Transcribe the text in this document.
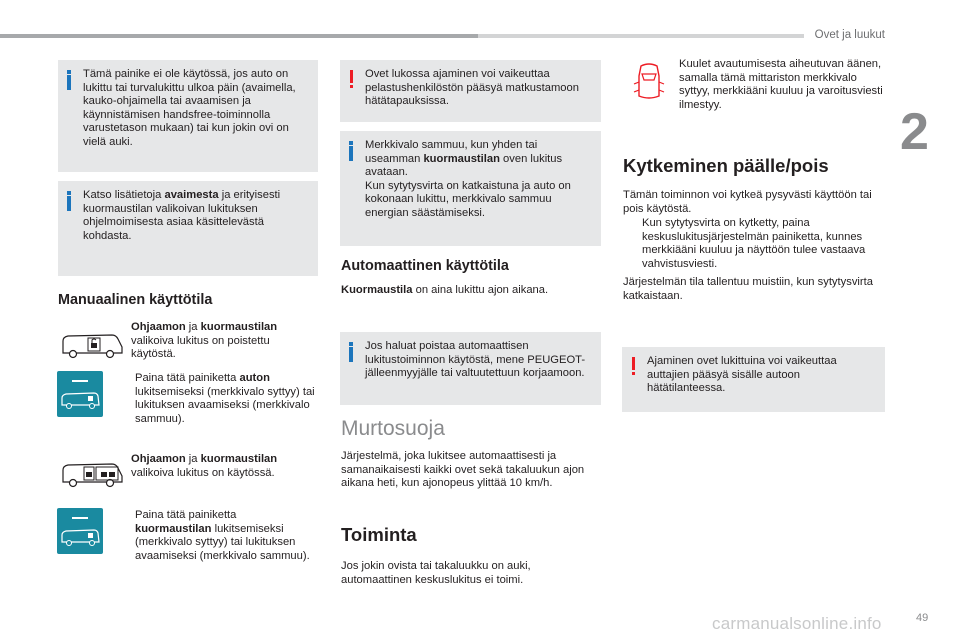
Ovet ja luukut
2
49
carmanualsonline.info

Tämä painike ei ole käytössä, jos auto on lukittu tai turvalukittu ulkoa päin (avaimella, kauko-ohjaimella tai avaamisen ja käynnistämisen handsfree-toiminnolla varustetason mukaan) tai kun jokin ovi on vielä auki.

Katso lisätietoja avaimesta ja erityisesti kuormaustilan valikoivan lukituksen ohjelmoimisesta asiaa käsittelevästä kohdasta.

Manuaalinen käyttötila
Ohjaamon ja kuormaustilan
valikoiva lukitus on poistettu käytöstä.
Paina tätä painiketta auton
lukitsemiseksi (merkkivalo syttyy) tai lukituksen avaamiseksi (merkkivalo sammuu).
Ohjaamon ja kuormaustilan
valikoiva lukitus on käytössä.
Paina tätä painiketta
kuormaustilan lukitsemiseksi
(merkkivalo syttyy) tai lukituksen avaamiseksi (merkkivalo sammuu).

Ovet lukossa ajaminen voi vaikeuttaa pelastushenkilöstön pääsyä matkustamoon hätätapauksissa.

Merkkivalo sammuu, kun yhden tai useamman kuormaustilan oven lukitus avataan.
Kun sytytysvirta on katkaistuna ja auto on kokonaan lukittu, merkkivalo sammuu energian säästämiseksi.

Automaattinen käyttötila
Kuormaustila on aina lukittu ajon aikana.

Jos haluat poistaa automaattisen lukitustoiminnon käytöstä, mene PEUGEOT-jälleenmyyjälle tai valtuutettuun korjaamoon.

Murtosuoja
Järjestelmä, joka lukitsee automaattisesti ja samanaikaisesti kaikki ovet sekä takaluukun ajon aikana heti, kun ajonopeus ylittää 10 km/h.
Toiminta
Jos jokin ovista tai takaluukku on auki, automaattinen keskuslukitus ei toimi.
Kuulet avautumisesta aiheutuvan äänen, samalla tämä mittariston merkkivalo syttyy, merkkiääni kuuluu ja varoitusviesti ilmestyy.
Kytkeminen päälle/pois
Tämän toiminnon voi kytkeä pysyvästi käyttöön tai pois käytöstä.
Kun sytytysvirta on kytketty, paina keskuslukitusjärjestelmän painiketta, kunnes merkkiääni kuuluu ja näyttöön tulee vastaava vahvistusviesti.
Järjestelmän tila tallentuu muistiin, kun sytytysvirta katkaistaan.

Ajaminen ovet lukittuina voi vaikeuttaa auttajien pääsyä sisälle autoon hätätilanteessa.
